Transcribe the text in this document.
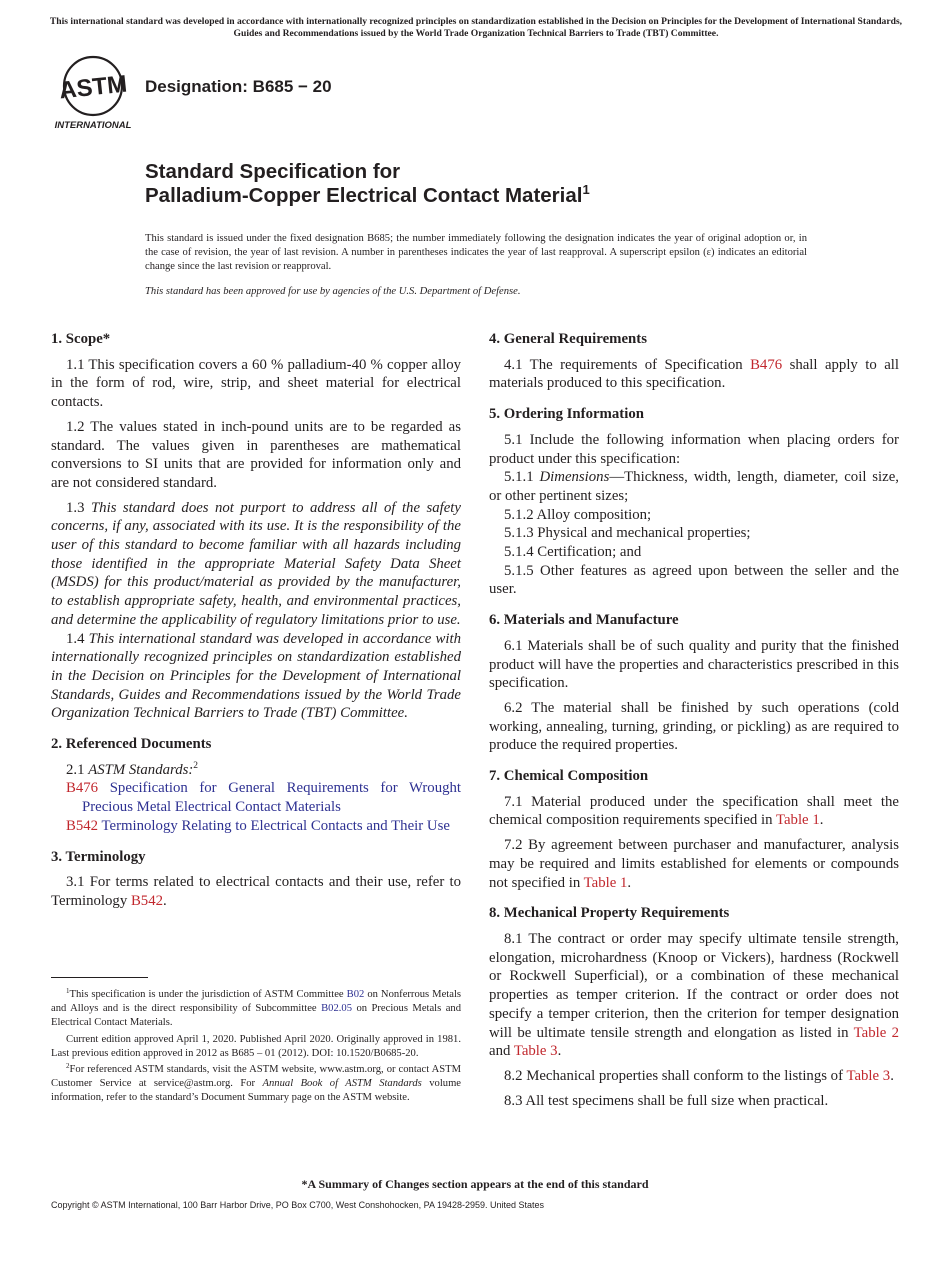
This international standard was developed in accordance with internationally recognized principles on standardization established in the Decision on Principles for the Development of International Standards, Guides and Recommendations issued by the World Trade Organization Technical Barriers to Trade (TBT) Committee.
ASTM
INTERNATIONAL
Designation: B685 − 20
Standard Specification for
Palladium-Copper Electrical Contact Material$^1$
This standard is issued under the fixed designation B685; the number immediately following the designation indicates the year of original adoption or, in the case of revision, the year of last revision. A number in parentheses indicates the year of last reapproval. A superscript epsilon (ε) indicates an editorial change since the last revision or reapproval.
This standard has been approved for use by agencies of the U.S. Department of Defense.

1. Scope*

1.1 This specification covers a 60 % palladium-40 % copper alloy in the form of rod, wire, strip, and sheet material for electrical contacts.

1.2 The values stated in inch-pound units are to be regarded as standard. The values given in parentheses are mathematical conversions to SI units that are provided for information only and are not considered standard.

1.3 This standard does not purport to address all of the safety concerns, if any, associated with its use. It is the responsibility of the user of this standard to become familiar with all hazards including those identified in the appropriate Material Safety Data Sheet (MSDS) for this product/material as provided by the manufacturer, to establish appropriate safety, health, and environmental practices, and determine the applicability of regulatory limitations prior to use.

1.4 This international standard was developed in accordance with internationally recognized principles on standardization established in the Decision on Principles for the Development of International Standards, Guides and Recommendations issued by the World Trade Organization Technical Barriers to Trade (TBT) Committee.

2. Referenced Documents

2.1 ASTM Standards:$^2$

B476 Specification for General Requirements for Wrought Precious Metal Electrical Contact Materials

B542 Terminology Relating to Electrical Contacts and Their Use

3. Terminology

3.1 For terms related to electrical contacts and their use, refer to Terminology B542.

$^1$This specification is under the jurisdiction of ASTM Committee B02 on Nonferrous Metals and Alloys and is the direct responsibility of Subcommittee B02.05 on Precious Metals and Electrical Contact Materials.

Current edition approved April 1, 2020. Published April 2020. Originally approved in 1981. Last previous edition approved in 2012 as B685 – 01 (2012). DOI: 10.1520/B0685-20.

$^2$For referenced ASTM standards, visit the ASTM website, www.astm.org, or contact ASTM Customer Service at service@astm.org. For Annual Book of ASTM Standards volume information, refer to the standard’s Document Summary page on the ASTM website.

4. General Requirements

4.1 The requirements of Specification B476 shall apply to all materials produced to this specification.

5. Ordering Information

5.1 Include the following information when placing orders for product under this specification:

5.1.1 Dimensions—Thickness, width, length, diameter, coil size, or other pertinent sizes;

5.1.2 Alloy composition;

5.1.3 Physical and mechanical properties;

5.1.4 Certification; and

5.1.5 Other features as agreed upon between the seller and the user.

6. Materials and Manufacture

6.1 Materials shall be of such quality and purity that the finished product will have the properties and characteristics prescribed in this specification.

6.2 The material shall be finished by such operations (cold working, annealing, turning, grinding, or pickling) as are required to produce the required properties.

7. Chemical Composition

7.1 Material produced under the specification shall meet the chemical composition requirements specified in Table 1.

7.2 By agreement between purchaser and manufacturer, analysis may be required and limits established for elements or compounds not specified in Table 1.

8. Mechanical Property Requirements

8.1 The contract or order may specify ultimate tensile strength, elongation, microhardness (Knoop or Vickers), hardness (Rockwell or Rockwell Superficial), or a combination of these mechanical properties as temper criterion. If the contract or order does not specify a temper criterion, then the criterion for temper designation will be ultimate tensile strength and elongation as listed in Table 2 and Table 3.

8.2 Mechanical properties shall conform to the listings of Table 3.

8.3 All test specimens shall be full size when practical.

*A Summary of Changes section appears at the end of this standard
Copyright © ASTM International, 100 Barr Harbor Drive, PO Box C700, West Conshohocken, PA 19428-2959. United States
